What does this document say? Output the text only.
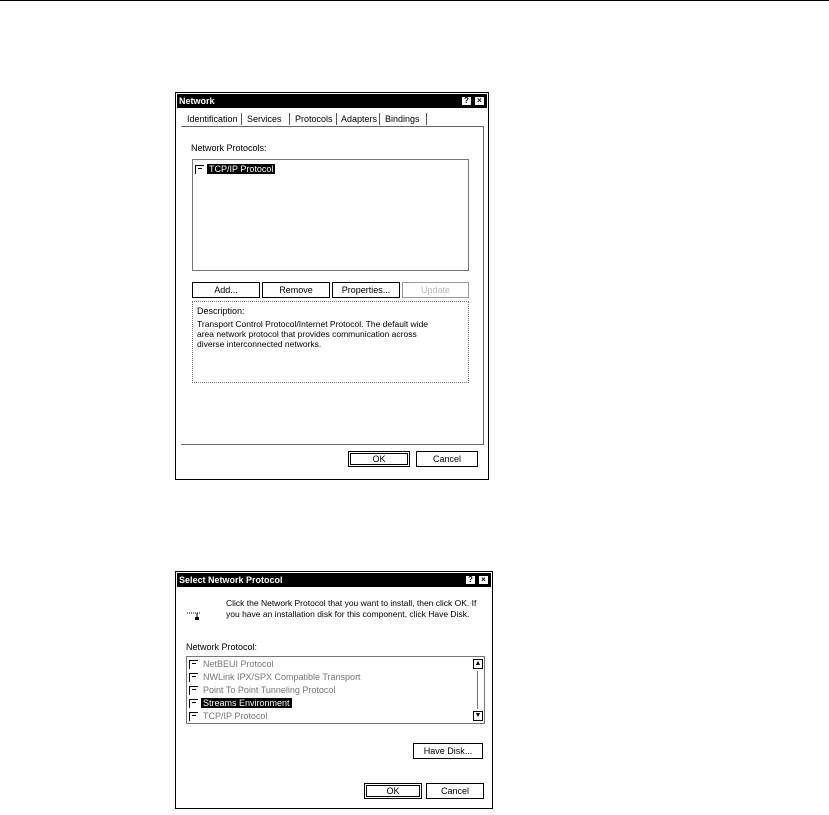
Network	?	×
Identification Services Protocols Adapters Bindings
Network Protocols:
TCP/IP Protocol
Add...	Remove	Properties...	Update
Description:
Transport Control Protocol/Internet Protocol. The default wide
area network protocol that provides communication across
diverse interconnected networks.
OK	Cancel
Select Network Protocol	?	×
Click the Network Protocol that you want to install, then click OK. If
you have an installation disk for this component, click Have Disk.
Network Protocol:
NetBEUI Protocol
NWLink IPX/SPX Compatible Transport
Point To Point Tunneling Protocol
Streams Environment
TCP/IP Protocol
▲
▼
Have Disk...
OK	Cancel
